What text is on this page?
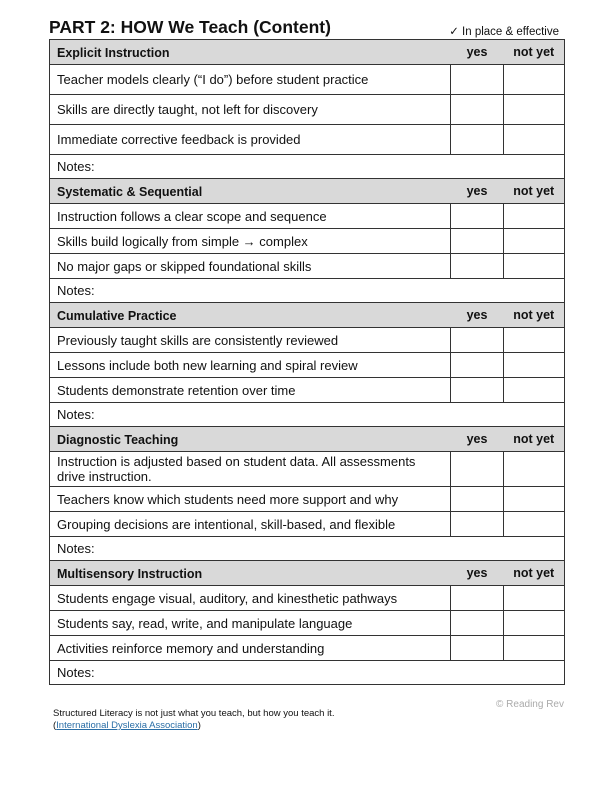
PART 2: HOW We Teach (Content)	✓ In place & effective
Explicit Instruction	yes	not yet
Teacher models clearly (“I do”) before student practice		
Skills are directly taught, not left for discovery		
Immediate corrective feedback is provided		
Notes:		
Systematic & Sequential	yes	not yet
Instruction follows a clear scope and sequence		
Skills build logically from simple → complex		
No major gaps or skipped foundational skills		
Notes:		
Cumulative Practice	yes	not yet
Previously taught skills are consistently reviewed		
Lessons include both new learning and spiral review		
Students demonstrate retention over time		
Notes:		
Diagnostic Teaching	yes	not yet
Instruction is adjusted based on student data. All assessments drive instruction.		
Teachers know which students need more support and why		
Grouping decisions are intentional, skill-based, and flexible		
Notes:		
Multisensory Instruction	yes	not yet
Students engage visual, auditory, and kinesthetic pathways		
Students say, read, write, and manipulate language		
Activities reinforce memory and understanding		
Notes:		
© Reading Rev
Structured Literacy is not just what you teach, but how you teach it.
(International Dyslexia Association)
